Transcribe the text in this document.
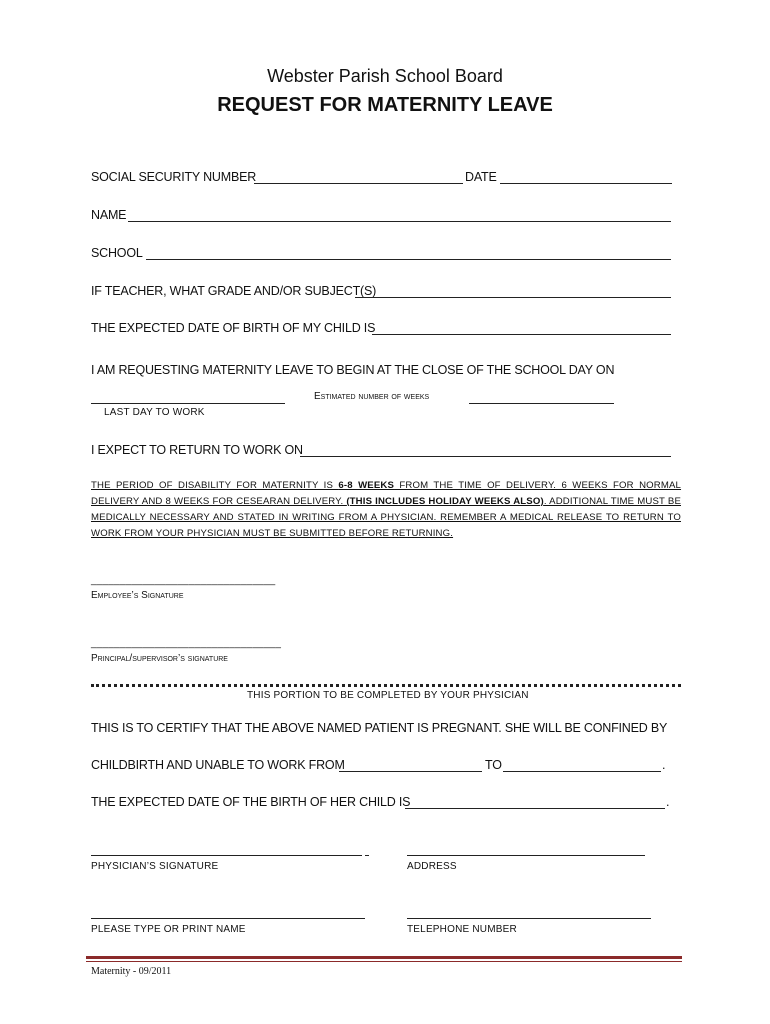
Webster Parish School Board
REQUEST FOR MATERNITY LEAVE
SOCIAL SECURITY NUMBER	DATE
NAME
SCHOOL
IF TEACHER, WHAT GRADE AND/OR SUBJECT(S)
THE EXPECTED DATE OF BIRTH OF MY CHILD IS
I AM REQUESTING MATERNITY LEAVE TO BEGIN AT THE CLOSE OF THE SCHOOL DAY ON
Estimated number of weeks
LAST DAY TO WORK
I EXPECT TO RETURN TO WORK ON
THE PERIOD OF DISABILITY FOR MATERNITY IS 6-8 WEEKS FROM THE TIME OF DELIVERY. 6 WEEKS FOR NORMAL DELIVERY AND 8 WEEKS FOR CESEARAN DELIVERY. (THIS INCLUDES HOLIDAY WEEKS ALSO). ADDITIONAL TIME MUST BE MEDICALLY NECESSARY AND STATED IN WRITING FROM A PHYSICIAN. REMEMBER A MEDICAL RELEASE TO RETURN TO WORK FROM YOUR PHYSICIAN MUST BE SUBMITTED BEFORE RETURNING.
________________________________
Employee’s Signature
_________________________________
Principal/supervisor’s signature
THIS PORTION TO BE COMPLETED BY YOUR PHYSICIAN
THIS IS TO CERTIFY THAT THE ABOVE NAMED PATIENT IS PREGNANT. SHE WILL BE CONFINED BY
CHILDBIRTH AND UNABLE TO WORK FROM	TO	.
THE EXPECTED DATE OF THE BIRTH OF HER CHILD IS	.
PHYSICIAN’S SIGNATURE	ADDRESS
PLEASE TYPE OR PRINT NAME	TELEPHONE NUMBER
Maternity - 09/2011
